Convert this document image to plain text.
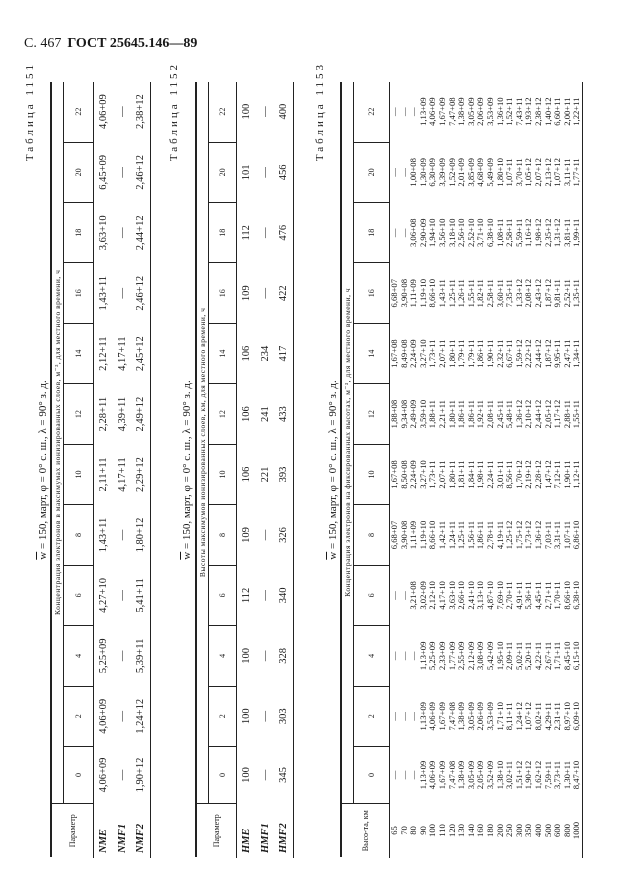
С. 467 ГОСТ 25645.146—89
Таблица 1151
$\overline{w} = 150$, март, φ = 0° с. ш., λ = 90° з. д.
Параметр	Концентрация электронов в максимумах ионизированных слоев, м⁻³, для местного времени, ч											
	0	2	4	6	8	10	12	14	16	18	20	22
NME	4,06+09	4,06+09	5,25+09	4,27+10	1,43+11	2,11+11	2,28+11	2,12+11	1,43+11	3,63+10	6,45+09	4,06+09
NMF1	—	—	—	—	—	4,17+11	4,39+11	4,17+11	—	—	—	—
NMF2	1,90+12	1,24+12	5,39+11	5,41+11	1,80+12	2,29+12	2,49+12	2,45+12	2,46+12	2,44+12	2,46+12	2,38+12 Таблица 1152
$\overline{w} = 150$, март, φ = 0° с. ш., λ = 90° з. д.
Параметр	Высоты максимумов ионизированных слоев, км, для местного времени, ч											
	0	2	4	6	8	10	12	14	16	18	20	22
HME	100	100	100	112	109	106	106	106	109	112	101	100
HMF1	—	—	—	—	—	221	241	234	—	—	—	—
HMF2	345	303	328	340	326	393	433	417	422	476	456	400 Таблица 1153
$\overline{w} = 150$, март, φ = 0° с. ш., λ = 90° з. д.
Высо-та, км	Концентрация электронов на фиксированных высотах, м⁻³, для местного времени, ч											
	0	2	4	6	8	10	12	14	16	18	20	22
65	—	—	—	—	6,68+07	1,67+08	1,88+08	1,67+08	6,68+07	—	—	—
70	—	—	—	—	3,90+08	8,50+08	9,34+08	8,49+08	3,90+08	—	—	—
80	—	—	—	3,21+08	1,11+09	2,24+09	2,49+09	2,24+09	1,11+09	3,06+08	1,00+08	—
90	1,13+09	1,13+09	1,13+09	3,02+09	1,19+10	3,27+10	3,59+10	3,27+10	1,19+10	2,90+09	1,30+09	1,13+09
100	4,06+09	4,06+09	5,25+09	2,12+10	8,66+10	1,73+11	1,88+11	1,73+11	8,66+10	1,94+10	6,30+09	4,06+09
110	1,67+09	1,67+09	2,33+09	4,17+10	1,42+11	2,07+11	2,21+11	2,07+11	1,43+11	3,56+10	3,39+09	1,67+09
120	7,47+08	7,47+08	1,77+09	3,63+10	1,24+11	1,80+11	1,80+11	1,80+11	1,25+11	3,18+10	1,52+09	7,47+08
130	1,38+09	1,38+09	2,55+09	2,66+10	1,25+11	1,81+11	1,86+11	1,79+11	1,26+11	2,56+10	2,01+09	1,38+09
140	3,05+09	3,05+09	2,12+09	2,41+10	1,56+11	1,84+11	1,86+11	1,79+11	1,55+11	2,52+10	3,85+09	3,05+09
160	2,05+09	2,06+09	3,08+09	3,13+10	1,86+11	1,98+11	1,92+11	1,86+11	1,82+11	3,71+10	4,68+09	2,06+09
180	3,52+09	3,53+09	5,42+09	4,87+10	2,78+11	2,24+11	2,08+11	1,90+11	2,58+11	6,38+10	5,49+09	3,53+09
200	1,38+10	1,71+10	1,95+10	7,69+10	4,19+11	3,01+11	2,45+11	2,32+11	3,60+11	1,08+11	1,80+10	1,36+10
250	3,02+11	8,11+11	2,09+11	2,70+11	1,25+12	8,56+11	5,48+11	6,67+11	7,35+11	2,58+11	1,07+11	1,52+11
300	1,51+12	1,24+12	5,02+11	4,91+11	1,75+12	1,70+12	1,36+12	1,59+12	1,33+12	5,59+11	3,70+11	7,43+11
350	1,90+12	1,07+12	5,20+11	5,36+11	1,73+12	2,19+12	2,10+12	2,22+12	2,08+12	1,16+12	1,05+12	1,93+12
400	1,62+12	8,02+11	4,22+11	4,45+11	1,36+12	2,28+12	2,44+12	2,44+12	2,43+12	1,98+12	2,07+12	2,38+12
500	7,59+11	4,29+11	2,67+11	2,71+11	7,03+11	1,47+12	2,05+12	1,87+12	1,87+12	2,35+12	2,13+12	1,40+12
600	3,73+11	2,31+11	1,71+11	1,70+11	3,31+11	7,12+11	1,17+12	9,95+11	9,81+11	1,31+12	1,07+12	6,60+11
800	1,30+11	8,97+10	8,45+10	8,66+10	1,07+11	1,90+11	2,88+11	2,47+11	2,52+11	3,81+11	3,11+11	2,00+11
1000	8,47+10	6,09+10	6,15+10	6,38+10	6,86+10	1,12+11	1,55+11	1,34+11	1,35+11	1,99+11	1,77+11	1,22+11
